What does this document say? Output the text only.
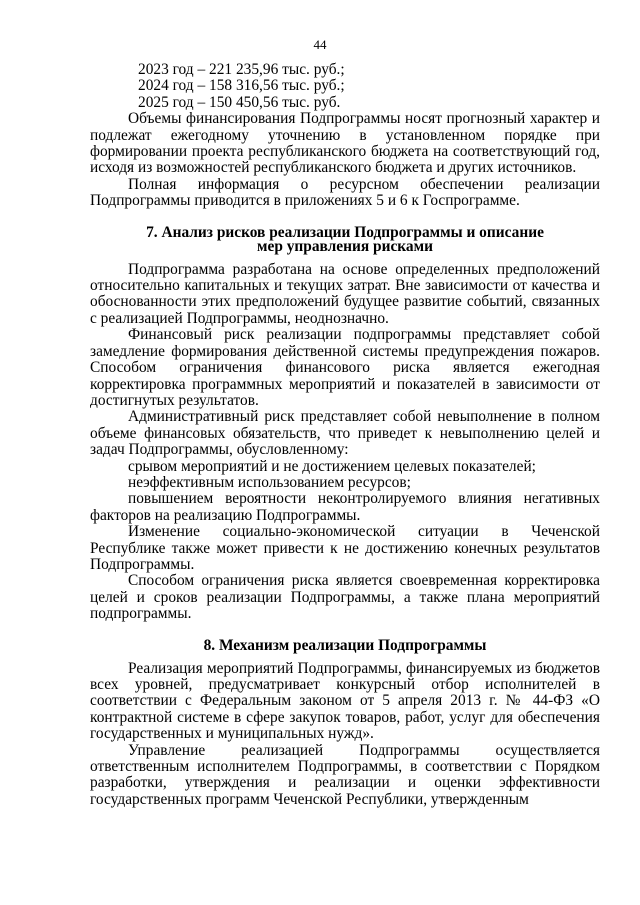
44

2023 год – 221 235,96 тыс. руб.;

2024 год – 158 316,56 тыс. руб.;

2025 год – 150 450,56 тыс. руб.

Объемы финансирования Подпрограммы носят прогнозный характер и подлежат ежегодному уточнению в установленном порядке при формировании проекта республиканского бюджета на соответствующий год, исходя из возможностей республиканского бюджета и других источников.

Полная информация о ресурсном обеспечении реализации Подпрограммы приводится в приложениях 5 и 6 к Госпрограмме.

7. Анализ рисков реализации Подпрограммы и описание
мер управления рисками

Подпрограмма разработана на основе определенных предположений относительно капитальных и текущих затрат. Вне зависимости от качества и обоснованности этих предположений будущее развитие событий, связанных с реализацией Подпрограммы, неоднозначно.

Финансовый риск реализации подпрограммы представляет собой замедление формирования действенной системы предупреждения пожаров. Способом ограничения финансового риска является ежегодная корректировка программных мероприятий и показателей в зависимости от достигнутых результатов.

Административный риск представляет собой невыполнение в полном объеме финансовых обязательств, что приведет к невыполнению целей и задач Подпрограммы, обусловленному:

срывом мероприятий и не достижением целевых показателей;

неэффективным использованием ресурсов;

повышением вероятности неконтролируемого влияния негативных факторов на реализацию Подпрограммы.

Изменение социально-экономической ситуации в Чеченской Республике также может привести к не достижению конечных результатов Подпрограммы.

Способом ограничения риска является своевременная корректировка целей и сроков реализации Подпрограммы, а также плана мероприятий подпрограммы.

8. Механизм реализации Подпрограммы

Реализация мероприятий Подпрограммы, финансируемых из бюджетов всех уровней, предусматривает конкурсный отбор исполнителей в соответствии с Федеральным законом от 5 апреля 2013 г. № 44-ФЗ «О контрактной системе в сфере закупок товаров, работ, услуг для обеспечения государственных и муниципальных нужд».

Управление реализацией Подпрограммы осуществляется ответственным исполнителем Подпрограммы, в соответствии с Порядком разработки, утверждения и реализации и оценки эффективности государственных программ Чеченской Республики, утвержденным
